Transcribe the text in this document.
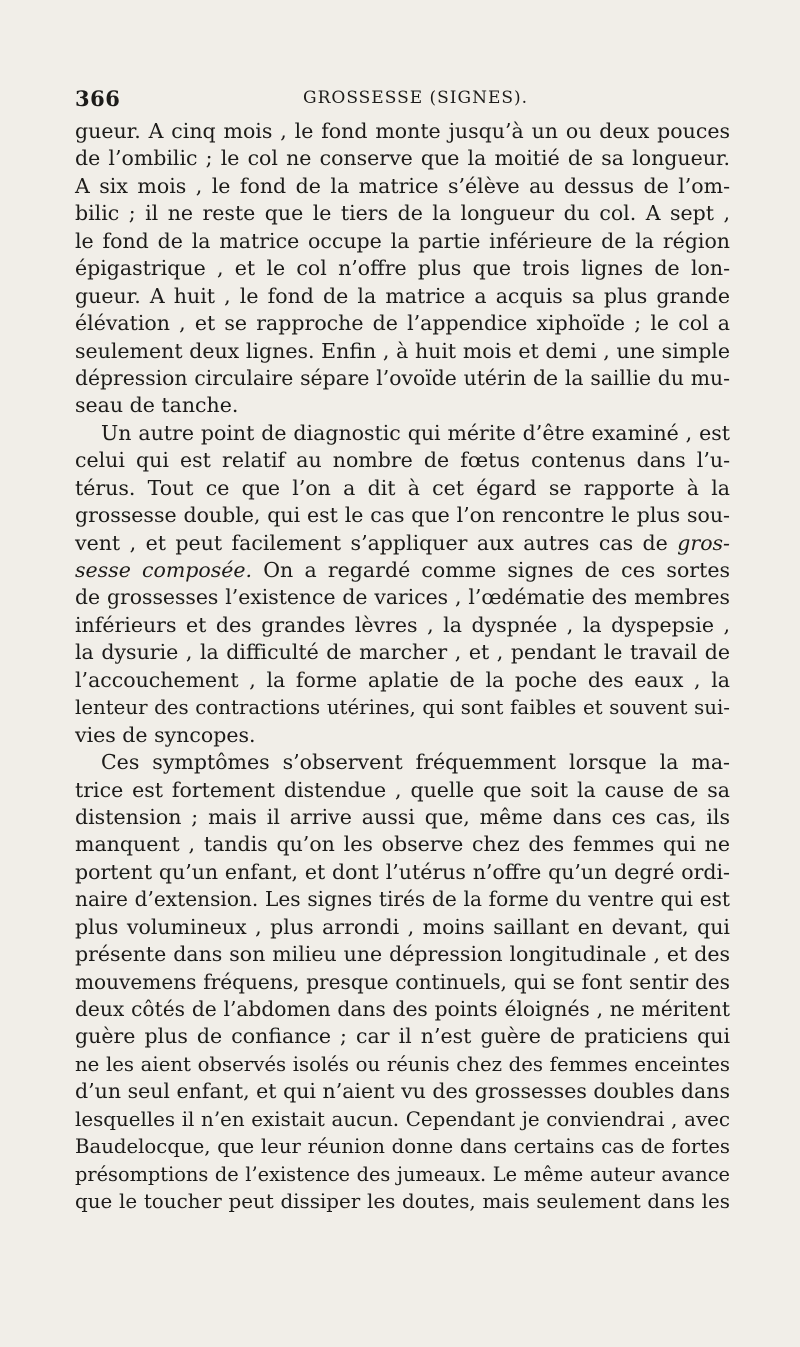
366	GROSSESSE (SIGNES).
gueur. A cinq mois , le fond monte jusqu’à un ou deux pouces
de l’ombilic ; le col ne conserve que la moitié de sa longueur.
A six mois , le fond de la matrice s’élève au dessus de l’om-
bilic ; il ne reste que le tiers de la longueur du col. A sept ,
le fond de la matrice occupe la partie inférieure de la région
épigastrique , et le col n’offre plus que trois lignes de lon-
gueur. A huit , le fond de la matrice a acquis sa plus grande
élévation , et se rapproche de l’appendice xiphoïde ; le col a
seulement deux lignes. Enfin , à huit mois et demi , une simple
dépression circulaire sépare l’ovoïde utérin de la saillie du mu-
seau de tanche.
Un autre point de diagnostic qui mérite d’être examiné , est
celui qui est relatif au nombre de fœtus contenus dans l’u-
térus. Tout ce que l’on a dit à cet égard se rapporte à la
grossesse double, qui est le cas que l’on rencontre le plus sou-
vent , et peut facilement s’appliquer aux autres cas de gros-
sesse composée. On a regardé comme signes de ces sortes
de grossesses l’existence de varices , l’œdématie des membres
inférieurs et des grandes lèvres , la dyspnée , la dyspepsie ,
la dysurie , la difficulté de marcher , et , pendant le travail de
l’accouchement , la forme aplatie de la poche des eaux , la
lenteur des contractions utérines, qui sont faibles et souvent sui-
vies de syncopes.
Ces symptômes s’observent fréquemment lorsque la ma-
trice est fortement distendue , quelle que soit la cause de sa
distension ; mais il arrive aussi que, même dans ces cas, ils
manquent , tandis qu’on les observe chez des femmes qui ne
portent qu’un enfant, et dont l’utérus n’offre qu’un degré ordi-
naire d’extension. Les signes tirés de la forme du ventre qui est
plus volumineux , plus arrondi , moins saillant en devant, qui
présente dans son milieu une dépression longitudinale , et des
mouvemens fréquens, presque continuels, qui se font sentir des
deux côtés de l’abdomen dans des points éloignés , ne méritent
guère plus de confiance ; car il n’est guère de praticiens qui
ne les aient observés isolés ou réunis chez des femmes enceintes
d’un seul enfant, et qui n’aient vu des grossesses doubles dans
lesquelles il n’en existait aucun. Cependant je conviendrai , avec
Baudelocque, que leur réunion donne dans certains cas de fortes
présomptions de l’existence des jumeaux. Le même auteur avance
que le toucher peut dissiper les doutes, mais seulement dans les
